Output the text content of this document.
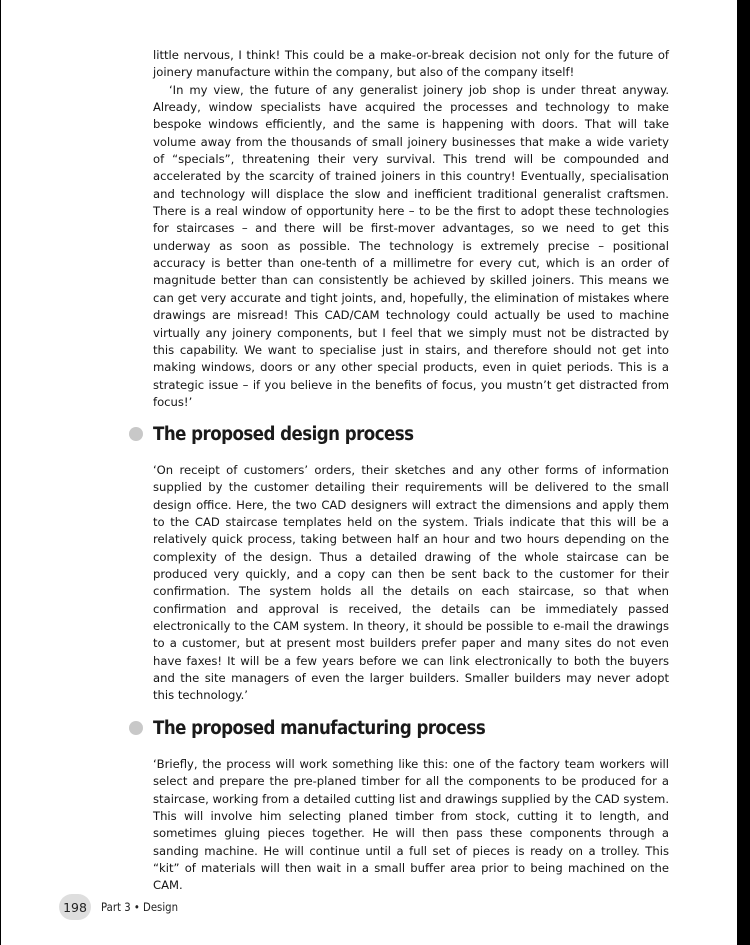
little nervous, I think! This could be a make-or-break decision not only for the future of joinery manufacture within the company, but also of the company itself!

‘In my view, the future of any generalist joinery job shop is under threat anyway. Already, window specialists have acquired the processes and technology to make bespoke windows efficiently, and the same is happening with doors. That will take volume away from the thousands of small joinery businesses that make a wide variety of “specials”, threatening their very survival. This trend will be compounded and accelerated by the scarcity of trained joiners in this country! Eventually, specialisation and technology will displace the slow and inefficient traditional generalist craftsmen. There is a real window of opportunity here – to be the first to adopt these technologies for staircases – and there will be first-mover advantages, so we need to get this underway as soon as possible. The technology is extremely precise – positional accuracy is better than one-tenth of a millimetre for every cut, which is an order of magnitude better than can consistently be achieved by skilled joiners. This means we can get very accurate and tight joints, and, hopefully, the elimination of mistakes where drawings are misread! This CAD/CAM technology could actually be used to machine virtually any joinery components, but I feel that we simply must not be distracted by this capability. We want to specialise just in stairs, and therefore should not get into making windows, doors or any other special products, even in quiet periods. This is a strategic issue – if you believe in the benefits of focus, you mustn’t get distracted from focus!’

The proposed design process

‘On receipt of customers’ orders, their sketches and any other forms of information supplied by the customer detailing their requirements will be delivered to the small design office. Here, the two CAD designers will extract the dimensions and apply them to the CAD staircase templates held on the system. Trials indicate that this will be a relatively quick process, taking between half an hour and two hours depending on the complexity of the design. Thus a detailed drawing of the whole staircase can be produced very quickly, and a copy can then be sent back to the customer for their confirmation. The system holds all the details on each staircase, so that when confirmation and approval is received, the details can be immediately passed electronically to the CAM system. In theory, it should be possible to e-mail the drawings to a customer, but at present most builders prefer paper and many sites do not even have faxes! It will be a few years before we can link electronically to both the buyers and the site managers of even the larger builders. Smaller builders may never adopt this technology.’

The proposed manufacturing process

‘Briefly, the process will work something like this: one of the factory team workers will select and prepare the pre-planed timber for all the components to be produced for a staircase, working from a detailed cutting list and drawings supplied by the CAD system. This will involve him selecting planed timber from stock, cutting it to length, and sometimes gluing pieces together. He will then pass these components through a sanding machine. He will continue until a full set of pieces is ready on a trolley. This “kit” of materials will then wait in a small buffer area prior to being machined on the CAM.

198	Part 3 • Design
